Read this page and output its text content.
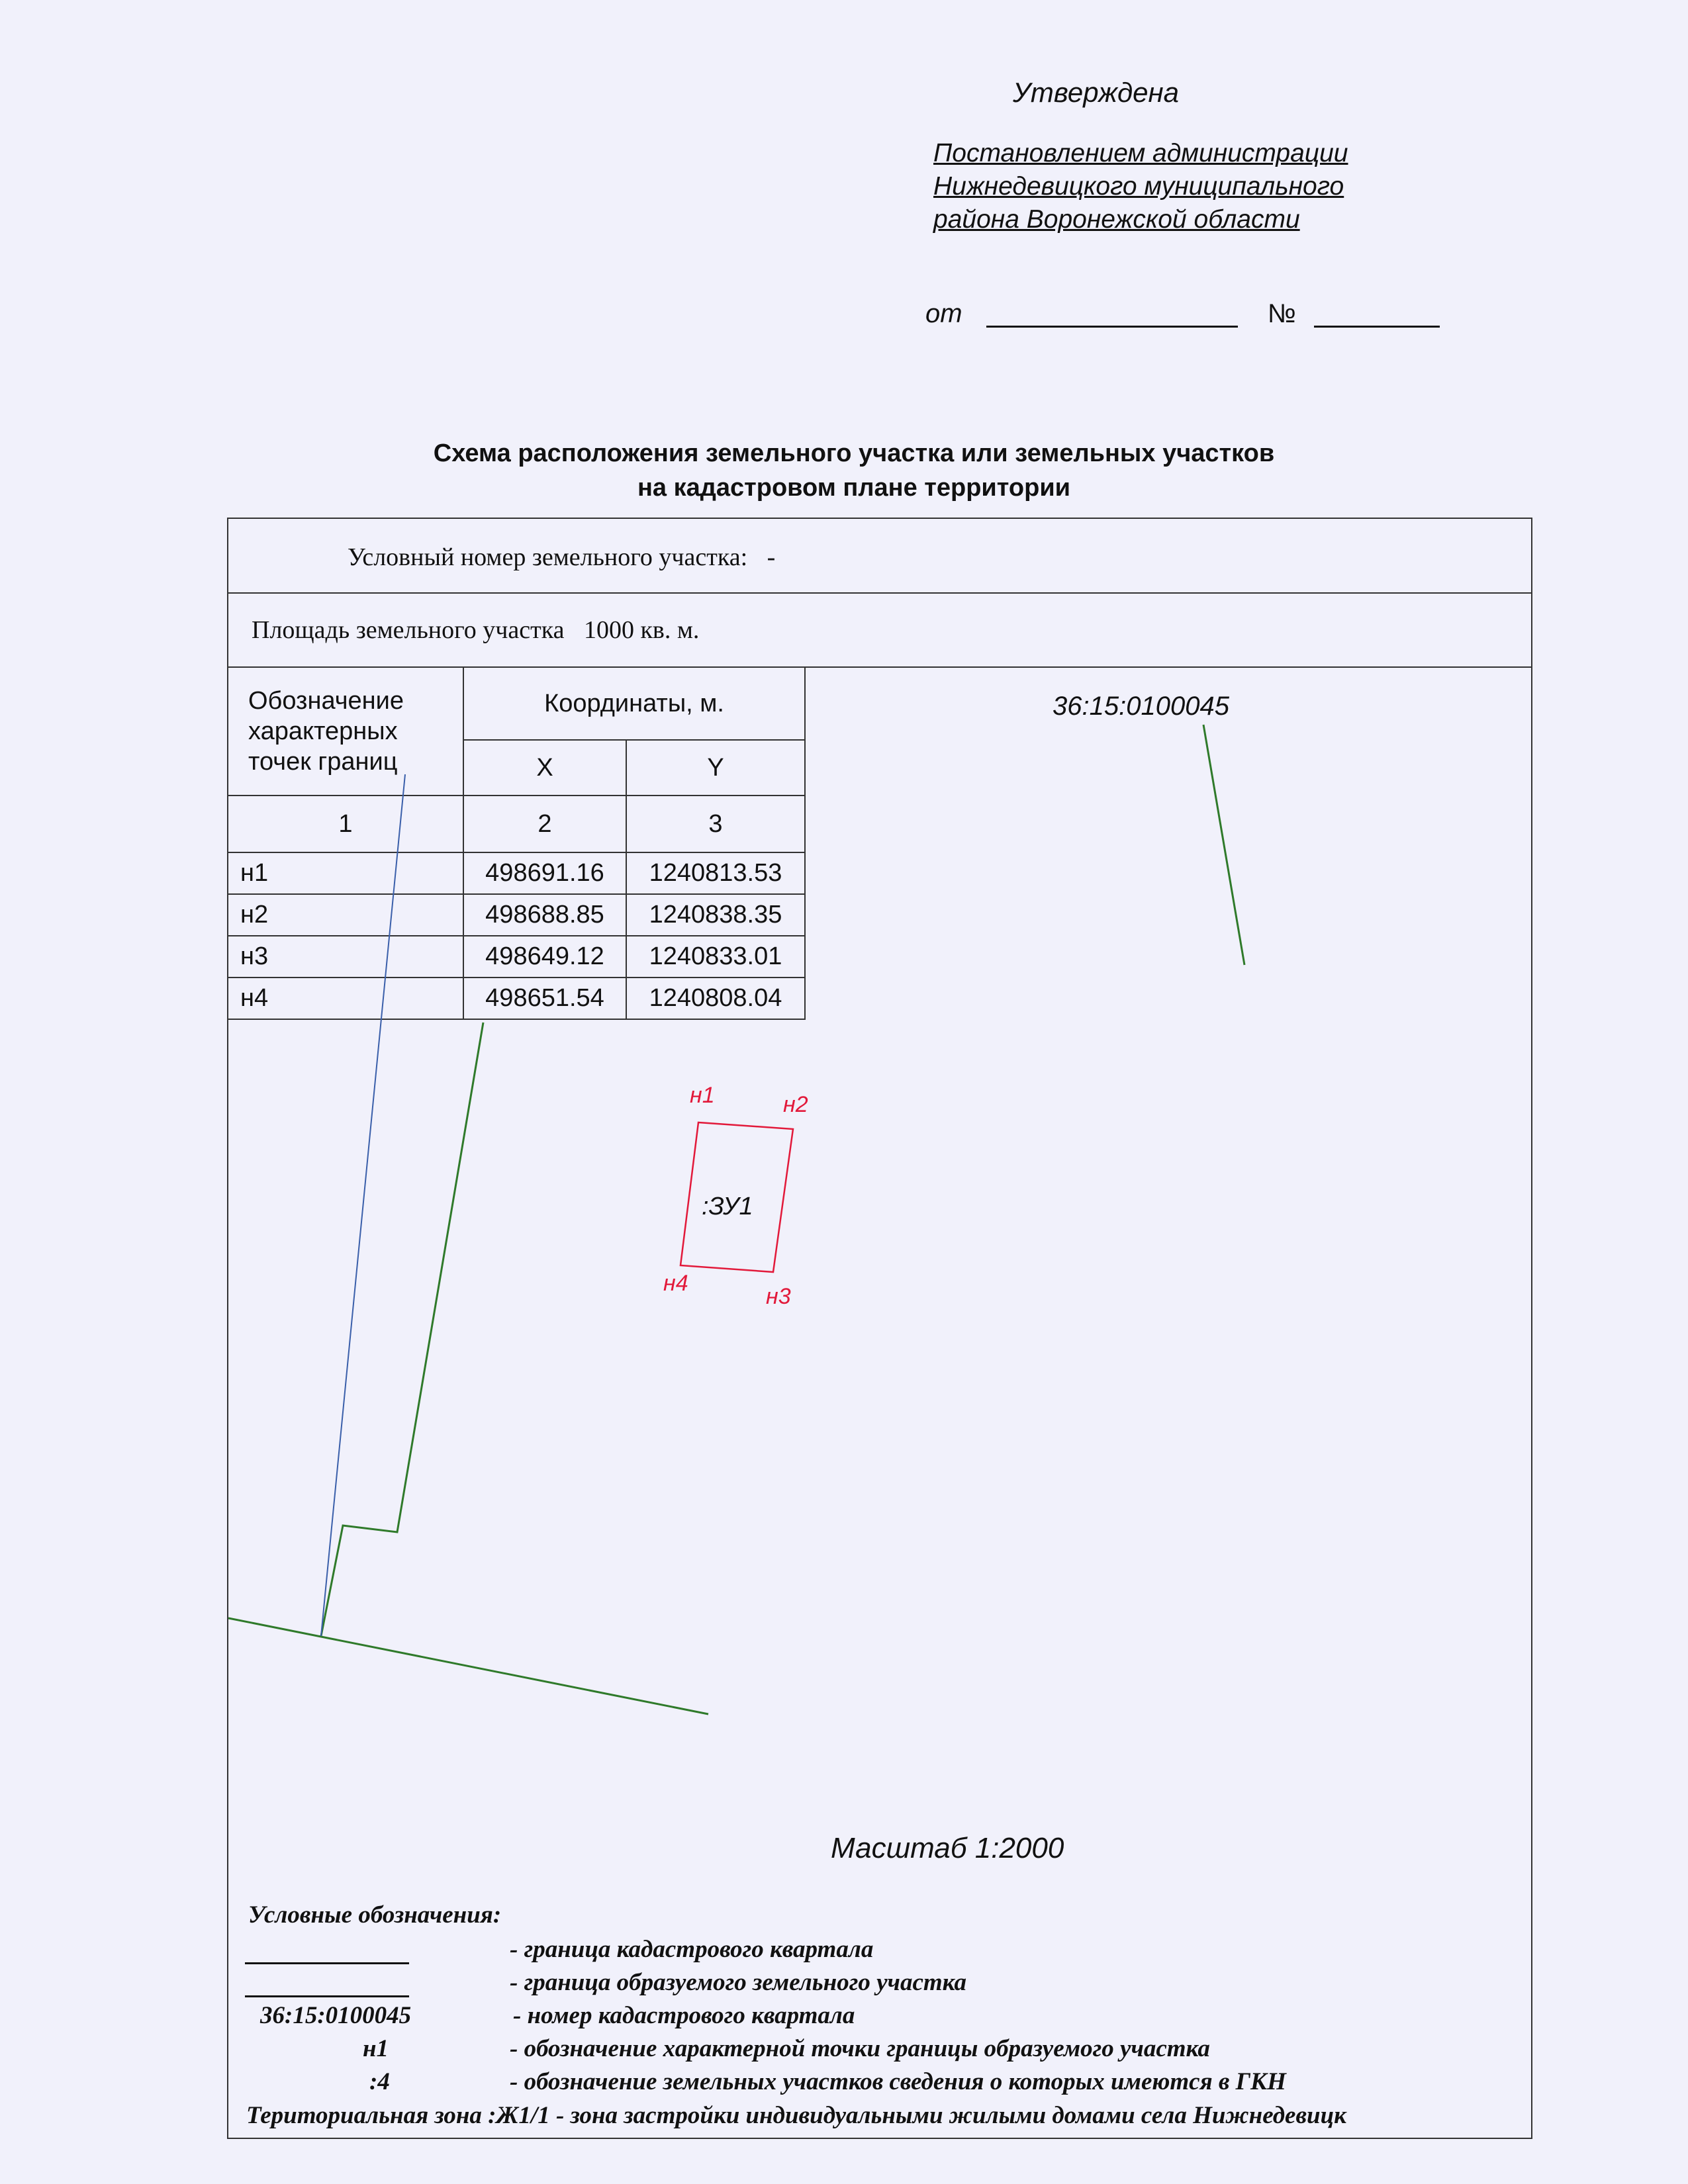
Утверждена
Постановлением администрации
Нижнедевицкого муниципального
района Воронежской области
от	№
Схема расположения земельного участка или земельных участков
на кадастровом плане территории
Условный номер земельного участка: -
Площадь земельного участка 1000 кв. м.
Обозначение характерных точек границ	Координаты, м.	
	X	Y
1	2	3
н1	498691.16	1240813.53
н2	498688.85	1240838.35
н3	498649.12	1240833.01
н4	498651.54	1240808.04
36:15:0100045
:ЗУ1
н1	н2
н3
н4
Масштаб 1:2000
Условные обозначения:
- граница кадастрового квартала
- граница образуемого земельного участка
36:15:0100045	- номер кадастрового квартала
н1	- обозначение характерной точки границы образуемого участка
:4	- обозначение земельных участков сведения о которых имеются в ГКН
Териториальная зона :Ж1/1 - зона застройки индивидуальными жилыми домами села Нижнедевицк
